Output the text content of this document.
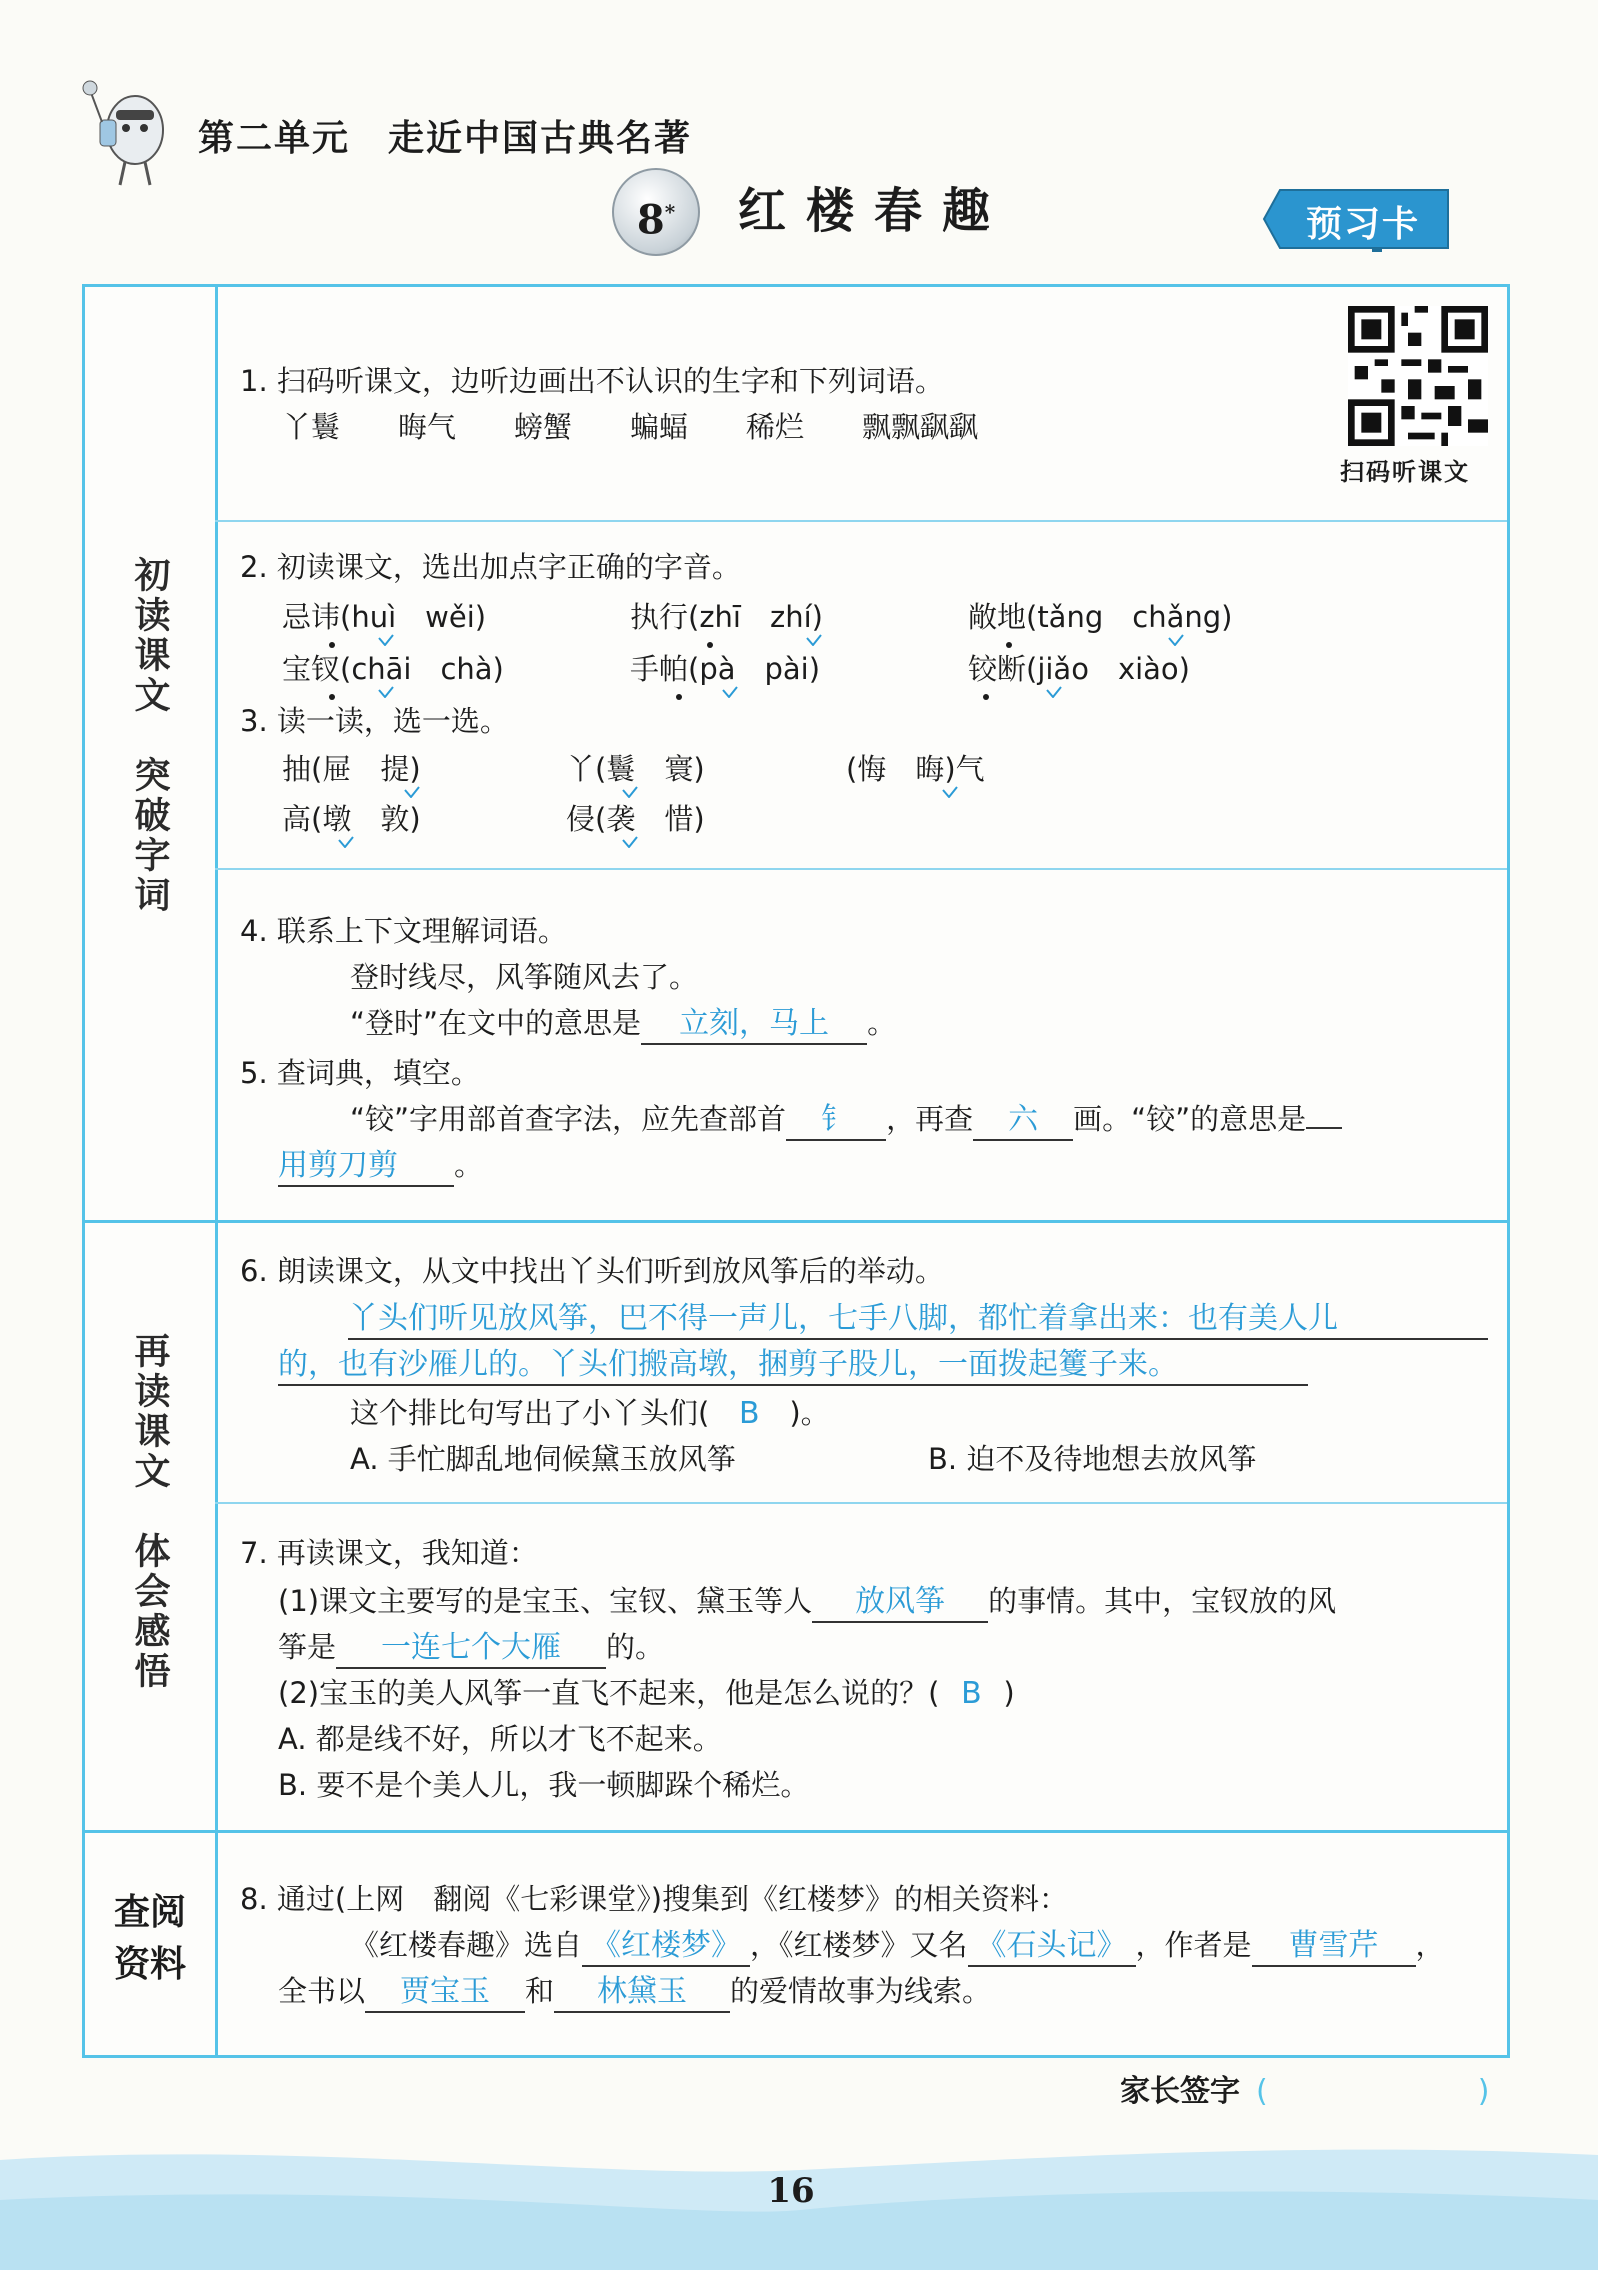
第二单元　走近中国古典名著
8*	红楼春趣	预习卡
初读课文　突破字词
再读课文　体会感悟
查阅
资料
扫码听课文
1. 扫码听课文，边听边画出不认识的生字和下列词语。
丫鬟　　晦气　　螃蟹　　蝙蝠　　稀烂　　飘飘飖飖
2. 初读课文，选出加点字正确的字音。
忌讳(huì　wěi)	执行(zhī　zhí)	敞地(tǎng　chǎng)
宝钗(chāi　chà)	手帕(pà　pài)	铰断(jiǎo　xiào)
3. 读一读，选一选。
抽(屉　提)	丫(鬟　寰)	(悔　晦)气
高(墩　敦)	侵(袭　惜)
4. 联系上下文理解词语。
登时线尽，风筝随风去了。
“登时”在文中的意思是 立刻，马上 。
5. 查词典，填空。
“铰”字用部首查字法，应先查部首 钅 ，再查 六 画。“铰”的意思是
用剪刀剪 。
6. 朗读课文，从文中找出丫头们听到放风筝后的举动。
丫头们听见放风筝，巴不得一声儿，七手八脚，都忙着拿出来：也有美人儿
的，也有沙雁儿的。丫头们搬高墩，捆剪子股儿，一面拨起籆子来。
这个排比句写出了小丫头们( B )。
A. 手忙脚乱地伺候黛玉放风筝	B. 迫不及待地想去放风筝
7. 再读课文，我知道：
(1)课文主要写的是宝玉、宝钗、黛玉等人 放风筝 的事情。其中，宝钗放的风
筝是 一连七个大雁 的。
(2)宝玉的美人风筝一直飞不起来，他是怎么说的？( B )
A. 都是线不好，所以才飞不起来。
B. 要不是个美人儿，我一顿脚跺个稀烂。
8. 通过(上网　翻阅《七彩课堂》)搜集到《红楼梦》的相关资料：
《红楼春趣》选自 《红楼梦》 ，《红楼梦》又名 《石头记》 ，作者是 曹雪芹 ，
全书以 贾宝玉 和 林黛玉 的爱情故事为线索。
家长签字 (　　　　　　　)
16
